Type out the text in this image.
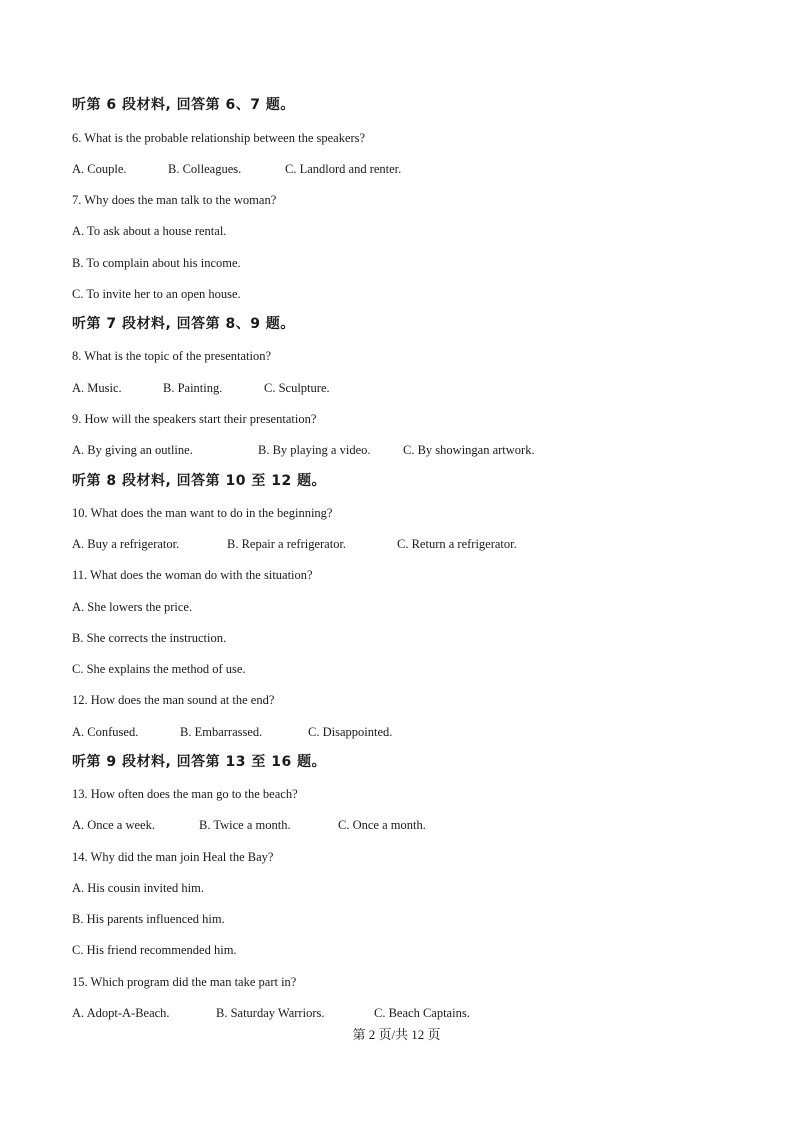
听第 6 段材料, 回答第 6、7 题。
6. What is the probable relationship between the speakers?
A. Couple.	B. Colleagues.	C. Landlord and renter.
7. Why does the man talk to the woman?
A. To ask about a house rental.
B. To complain about his income.
C. To invite her to an open house.
听第 7 段材料, 回答第 8、9 题。
8. What is the topic of the presentation?
A. Music.	B. Painting.	C. Sculpture.
9. How will the speakers start their presentation?
A. By giving an outline.	B. By playing a video.	C. By showingan artwork.
听第 8 段材料, 回答第 10 至 12 题。
10. What does the man want to do in the beginning?
A. Buy a refrigerator.	B. Repair a refrigerator.	C. Return a refrigerator.
11. What does the woman do with the situation?
A. She lowers the price.
B. She corrects the instruction.
C. She explains the method of use.
12. How does the man sound at the end?
A. Confused.	B. Embarrassed.	C. Disappointed.
听第 9 段材料, 回答第 13 至 16 题。
13. How often does the man go to the beach?
A. Once a week.	B. Twice a month.	C. Once a month.
14. Why did the man join Heal the Bay?
A. His cousin invited him.
B. His parents influenced him.
C. His friend recommended him.
15. Which program did the man take part in?
A. Adopt-A-Beach.	B. Saturday Warriors.	C. Beach Captains.
第 2 页/共 12 页
